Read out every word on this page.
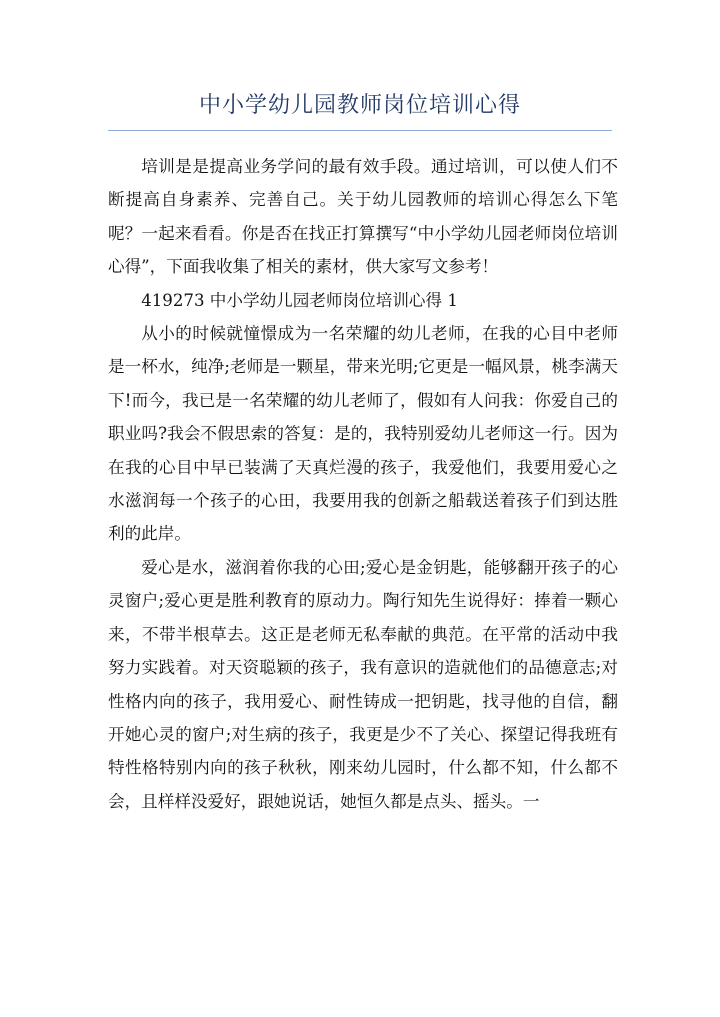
中小学幼儿园教师岗位培训心得

培训是是提高业务学问的最有效手段。通过培训，可以使人们不断提高自身素养、完善自己。关于幼儿园教师的培训心得怎么下笔呢？一起来看看。你是否在找正打算撰写“中小学幼儿园老师岗位培训心得”，下面我收集了相关的素材，供大家写文参考！

419273 中小学幼儿园老师岗位培训心得 1

从小的时候就憧憬成为一名荣耀的幼儿老师，在我的心目中老师是一杯水，纯净;老师是一颗星，带来光明;它更是一幅风景，桃李满天下!而今，我已是一名荣耀的幼儿老师了，假如有人问我：你爱自己的职业吗?我会不假思索的答复：是的，我特别爱幼儿老师这一行。因为在我的心目中早已装满了天真烂漫的孩子，我爱他们，我要用爱心之水滋润每一个孩子的心田，我要用我的创新之船载送着孩子们到达胜利的此岸。

爱心是水，滋润着你我的心田;爱心是金钥匙，能够翻开孩子的心灵窗户;爱心更是胜利教育的原动力。陶行知先生说得好：捧着一颗心来，不带半根草去。这正是老师无私奉献的典范。在平常的活动中我努力实践着。对天资聪颖的孩子，我有意识的造就他们的品德意志;对性格内向的孩子，我用爱心、耐性铸成一把钥匙，找寻他的自信，翻开她心灵的窗户;对生病的孩子，我更是少不了关心、探望记得我班有特性格特别内向的孩子秋秋，刚来幼儿园时，什么都不知，什么都不会，且样样没爱好，跟她说话，她恒久都是点头、摇头。一
